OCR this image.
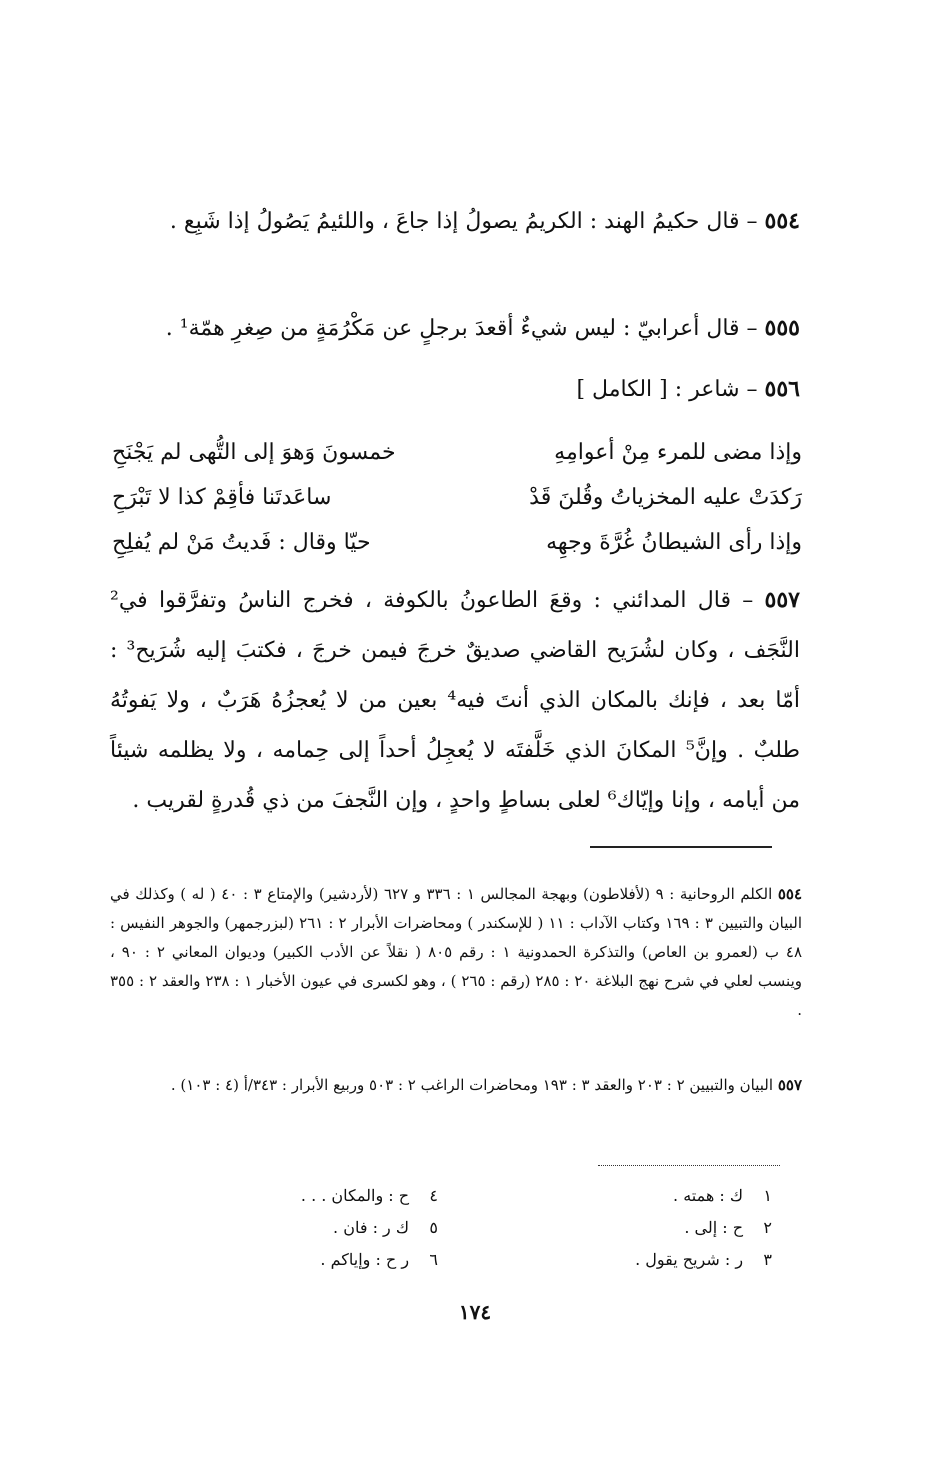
٥٥٤ – قال حكيمُ الهند : الكريمُ يصولُ إذا جاعَ ، واللئيمُ يَصُولُ إذا شَبِع .
٥٥٥ – قال أعرابيّ : ليس شيءٌ أقعدَ برجلٍ عن مَكْرُمَةٍ من صِغرِ همّة¹ .
٥٥٦ – شاعر : [ الكامل ]
وإذا مضى للمرء مِنْ أعوامِهِ
خمسونَ وَهوَ إلى التُّهى لم يَجْنَحِ
رَكدَتْ عليه المخزياتُ وقُلنَ قَدْ
ساعَدتَنا فأقِمْ كذا لا تَبْرَحِ
وإذا رأى الشيطانُ غُرَّةَ وجهِه
حيّا وقال : فَديتُ مَنْ لم يُفلِحِ
٥٥٧ – قال المدائني : وقعَ الطاعونُ بالكوفة ، فخرج الناسُ وتفرَّقوا في² النَّجَف ، وكان لشُرَيح القاضي صديقٌ خرجَ فيمن خرجَ ، فكتبَ إليه شُرَيح³ : أمّا بعد ، فإنك بالمكان الذي أنتَ فيه⁴ بعين من لا يُعجزُهُ هَرَبٌ ، ولا يَفوتُهُ طلبٌ . وإنَّ⁵ المكانَ الذي خَلَّفتَه لا يُعجِلُ أحداً إلى حِمامه ، ولا يظلمه شيئاً من أيامه ، وإنا وإيّاك⁶ لعلى بساطٍ واحدٍ ، وإن النَّجفَ من ذي قُدرةٍ لقريب .
٥٥٤ الكلم الروحانية : ٩ (لأفلاطون) وبهجة المجالس ١ : ٣٣٦ و ٦٢٧ (لأردشير) والإمتاع ٣ : ٤٠ ( له ) وكذلك في البيان والتبيين ٣ : ١٦٩ وكتاب الآداب : ١١ ( للإسكندر ) ومحاضرات الأبرار ٢ : ٢٦١ (لبزرجمهر) والجوهر النفيس : ٤٨ ب (لعمرو بن العاص) والتذكرة الحمدونية ١ : رقم ٨٠٥ ( نقلاً عن الأدب الكبير) وديوان المعاني ٢ : ٩٠ ، وينسب لعلي في شرح نهج البلاغة ٢٠ : ٢٨٥ (رقم : ٢٦٥ ) ، وهو لكسرى في عيون الأخبار ١ : ٢٣٨ والعقد ٢ : ٣٥٥ .
٥٥٧ البيان والتبيين ٢ : ٢٠٣ والعقد ٣ : ١٩٣ ومحاضرات الراغب ٢ : ٥٠٣ وربيع الأبرار : ٣٤٣/أ (٤ : ١٠٣) .
١    ك : همته .
٢    ح : إلى .
٣    ر : شريح يقول .
٤    ح : والمكان . . .
٥    ك ر : فان .
٦    ر ح : وإياكم .
١٧٤
